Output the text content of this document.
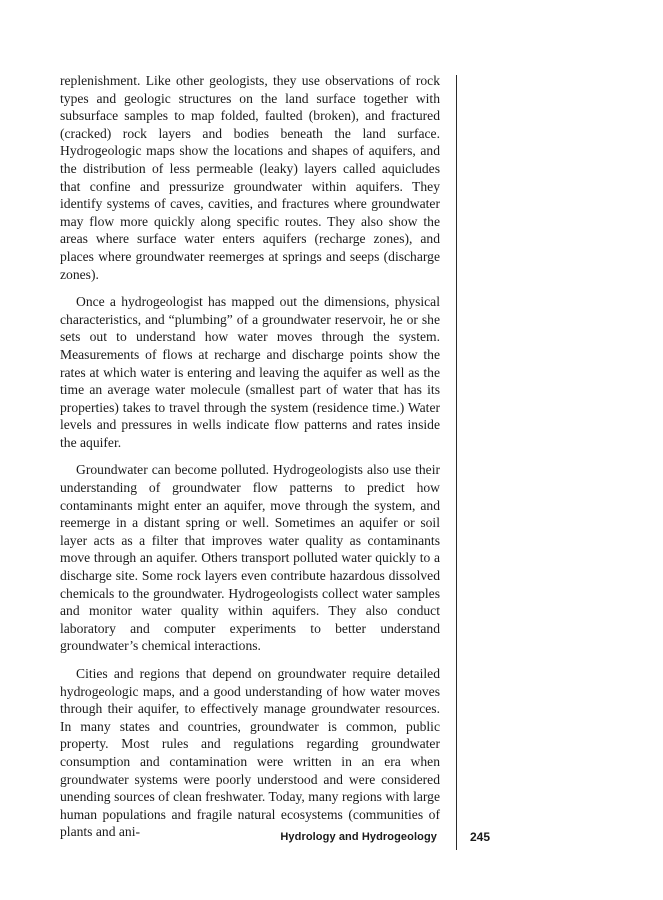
replenishment. Like other geologists, they use observations of rock types and geologic structures on the land surface together with subsurface samples to map folded, faulted (broken), and fractured (cracked) rock layers and bodies beneath the land surface. Hydrogeologic maps show the locations and shapes of aquifers, and the distribution of less permeable (leaky) layers called aquicludes that confine and pressurize groundwater within aquifers. They identify systems of caves, cavities, and fractures where groundwater may flow more quickly along specific routes. They also show the areas where surface water enters aquifers (recharge zones), and places where groundwater reemerges at springs and seeps (discharge zones).

Once a hydrogeologist has mapped out the dimensions, physical characteristics, and “plumbing” of a groundwater reservoir, he or she sets out to understand how water moves through the system. Measurements of flows at recharge and discharge points show the rates at which water is entering and leaving the aquifer as well as the time an average water molecule (smallest part of water that has its properties) takes to travel through the system (residence time.) Water levels and pressures in wells indicate flow patterns and rates inside the aquifer.

Groundwater can become polluted. Hydrogeologists also use their understanding of groundwater flow patterns to predict how contaminants might enter an aquifer, move through the system, and reemerge in a distant spring or well. Sometimes an aquifer or soil layer acts as a filter that improves water quality as contaminants move through an aquifer. Others transport polluted water quickly to a discharge site. Some rock layers even contribute hazardous dissolved chemicals to the groundwater. Hydrogeologists collect water samples and monitor water quality within aquifers. They also conduct laboratory and computer experiments to better understand groundwater’s chemical interactions.

Cities and regions that depend on groundwater require detailed hydrogeologic maps, and a good understanding of how water moves through their aquifer, to effectively manage groundwater resources. In many states and countries, groundwater is common, public property. Most rules and regulations regarding groundwater consumption and contamination were written in an era when groundwater systems were poorly understood and were considered unending sources of clean freshwater. Today, many regions with large human populations and fragile natural ecosystems (communities of plants and ani-	Hydrology and Hydrogeology	245
